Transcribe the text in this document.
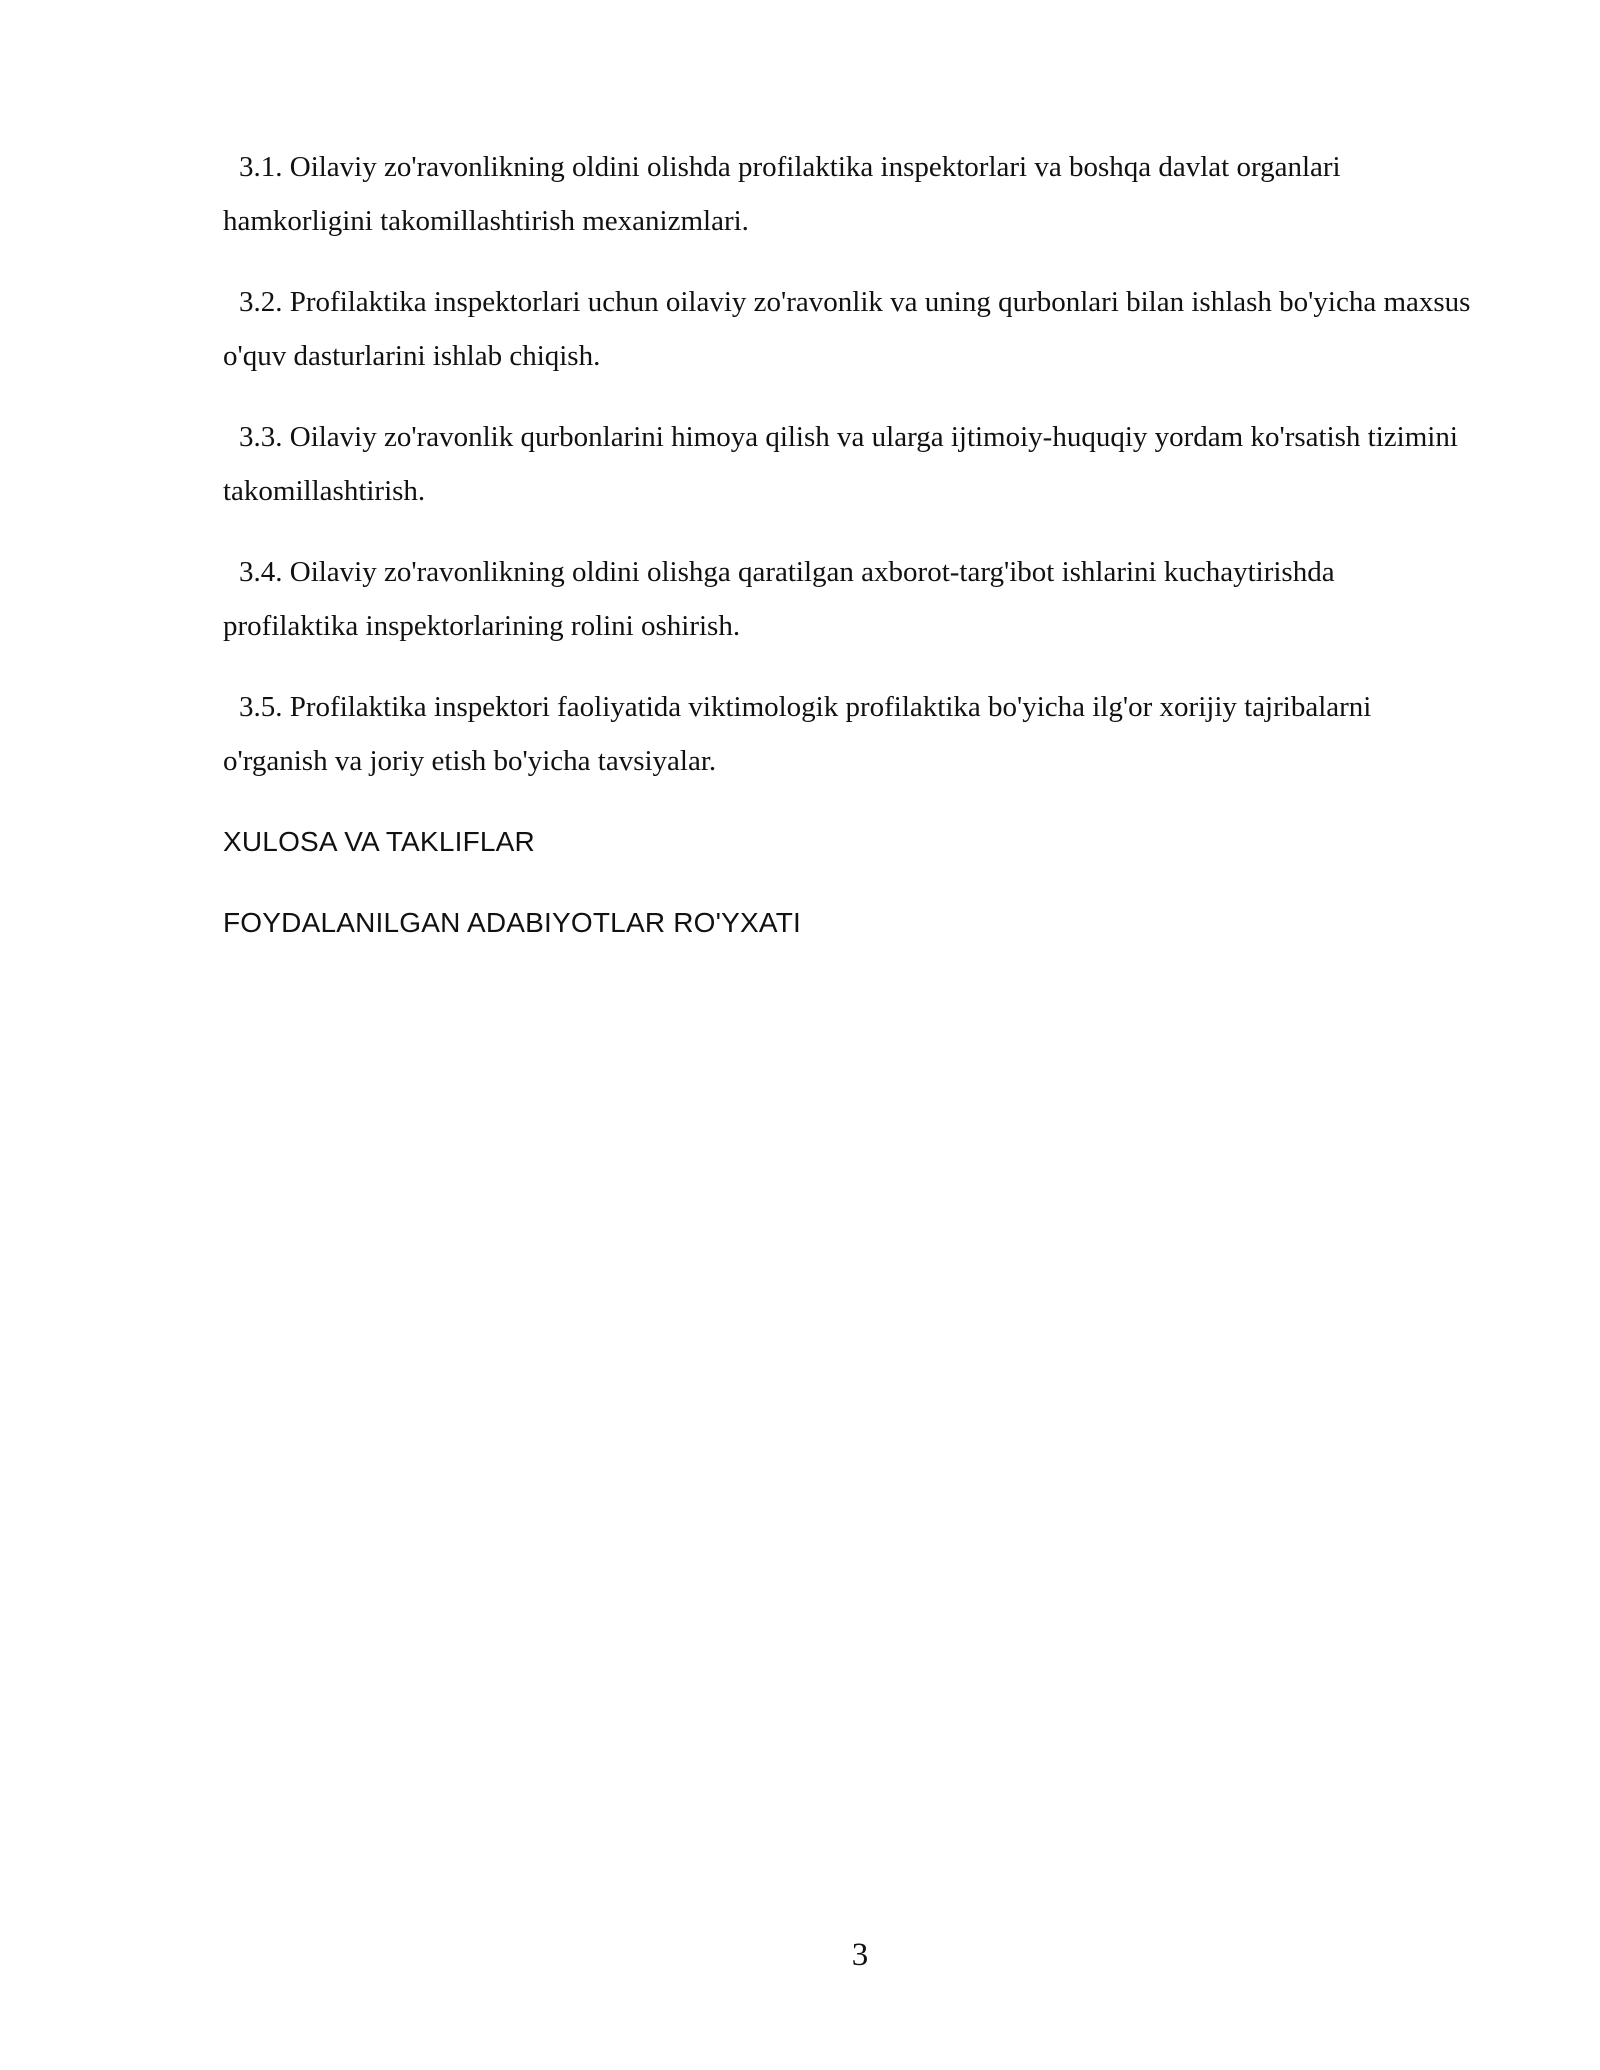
3.1. Oilaviy zo'ravonlikning oldini olishda profilaktika inspektorlari va boshqa davlat organlari hamkorligini takomillashtirish mexanizmlari.

3.2. Profilaktika inspektorlari uchun oilaviy zo'ravonlik va uning qurbonlari bilan ishlash bo'yicha maxsus o'quv dasturlarini ishlab chiqish.

3.3. Oilaviy zo'ravonlik qurbonlarini himoya qilish va ularga ijtimoiy-huquqiy yordam ko'rsatish tizimini takomillashtirish.

3.4. Oilaviy zo'ravonlikning oldini olishga qaratilgan axborot-targ'ibot ishlarini kuchaytirishda profilaktika inspektorlarining rolini oshirish.

3.5. Profilaktika inspektori faoliyatida viktimologik profilaktika bo'yicha ilg'or xorijiy tajribalarni o'rganish va joriy etish bo'yicha tavsiyalar.

XULOSA VA TAKLIFLAR

FOYDALANILGAN ADABIYOTLAR RO'YXATI

3
